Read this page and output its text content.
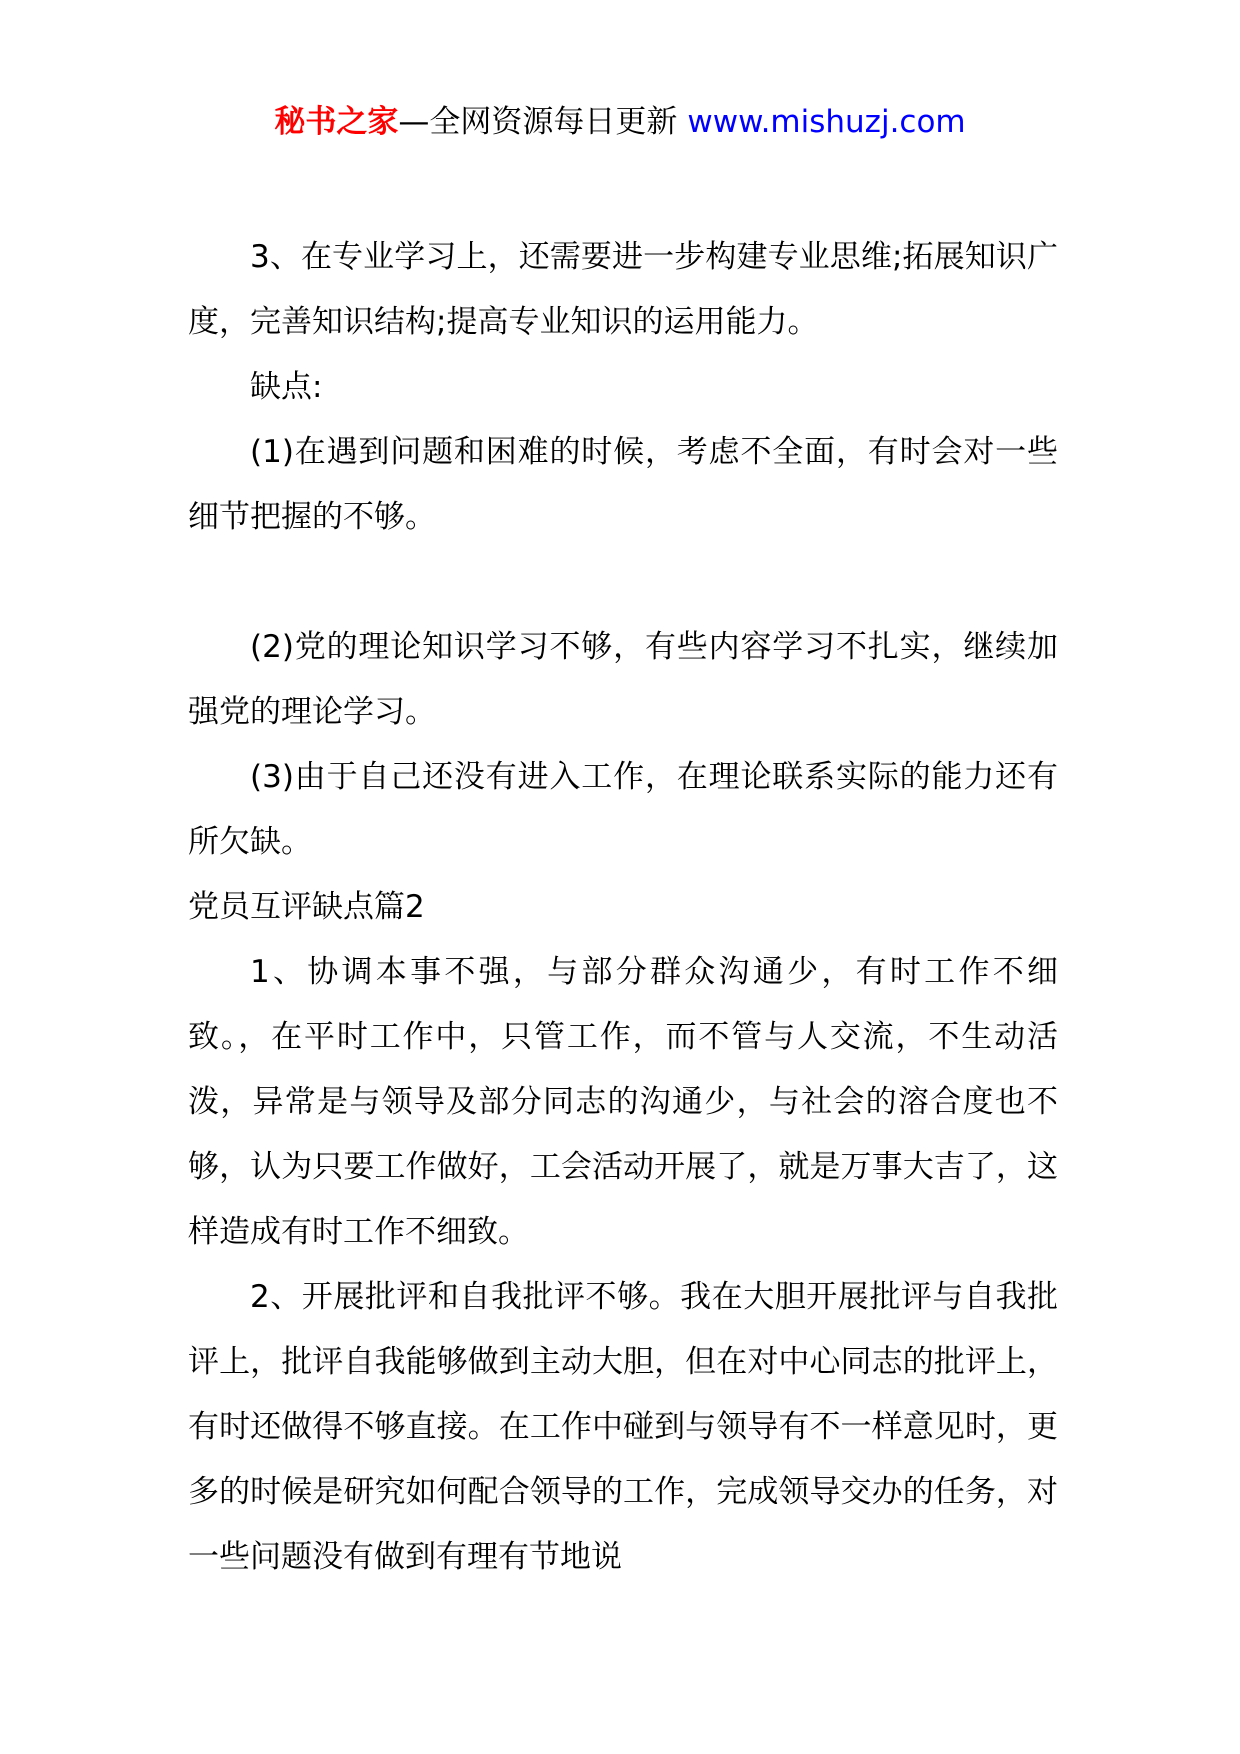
秘书之家—全网资源每日更新 www.mishuzj.com

3、在专业学习上，还需要进一步构建专业思维;拓展知识广度，完善知识结构;提高专业知识的运用能力。

缺点:

(1)在遇到问题和困难的时候，考虑不全面，有时会对一些细节把握的不够。

(2)党的理论知识学习不够，有些内容学习不扎实，继续加强党的理论学习。

(3)由于自己还没有进入工作，在理论联系实际的能力还有所欠缺。

党员互评缺点篇2

1、协调本事不强，与部分群众沟通少，有时工作不细致。，在平时工作中，只管工作，而不管与人交流，不生动活泼，异常是与领导及部分同志的沟通少，与社会的溶合度也不够，认为只要工作做好，工会活动开展了，就是万事大吉了，这样造成有时工作不细致。

2、开展批评和自我批评不够。我在大胆开展批评与自我批评上，批评自我能够做到主动大胆，但在对中心同志的批评上，有时还做得不够直接。在工作中碰到与领导有不一样意见时，更多的时候是研究如何配合领导的工作，完成领导交办的任务，对一些问题没有做到有理有节地说
